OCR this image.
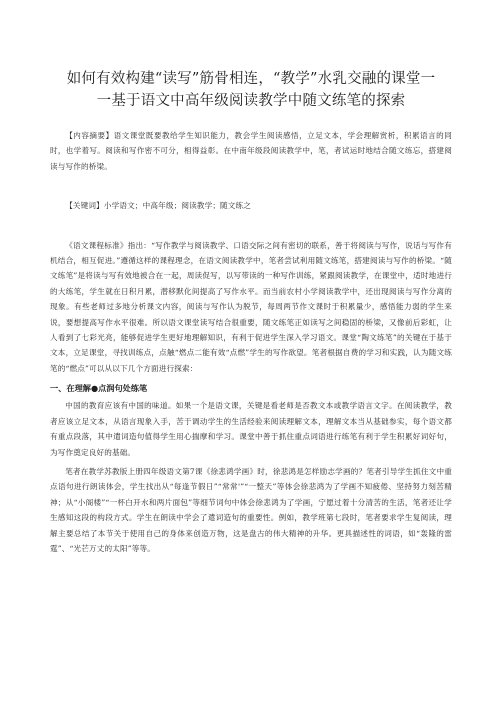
如何有效构建“读写”筋骨相连，“教学”水乳交融的课堂一
一基于语文中高年级阅读教学中随文练笔的探索

【内容摘要】语文课堂既要教给学生知识能力，教会学生阅读感悟，立足文本，学会理解赏析，积累语言的同时，也学着写。阅读和写作密不可分，相得益彰。在中南年级段阅读教学中，笔，者试运时地结合随文练忘，搭建阅读与写作的桥梁。

【关键词】小学语文；中高年级；阅读教学；随文练之

《语文课程标准》指出：“写作教学与阅读教学、口语交际之间有密切的联系，善于将阅读与写作，说话与写作有机结合，相互促进。”遵循这样的课程理念，在语文阅读教学中，笔者尝试利用随文练笔，搭建阅读与写作的桥梁。“随文练笔”是将读与写有效地被合在一起，周读促写，以写带读的一种写作训练，紧跟阅读教学，在课堂中，适时地进行的大练笔，学生就在日积月累，潜移默化间提高了写作水平。而当前农村小学阅读教学中，还出现阅读与写作分离的现象。有些老师过多地分析课文内容，阅读与写作认为脱节，每周两节作文课时于积累量少，感悟能力弱的学生来说，要想提高写作水平很难。所以语文课堂读写结合很重要，随文练笔正如读写之间稳固的桥梁，又像前后彩虹，让人看到了七彩光亮，能够促进学生更好地理解知识，有利于促进学生深入学习语文。课堂“陶文练笔”的关键在于基于文本，立足课堂，寻找训练点，点触“燃点二能有效“点燃”学生的写作欲望。笔者根据自费的学习和实践，认为随文练笔的“燃点”可以从以下几个方面进行探索：

一、在理解●点润句处练笔

中国的教育应该有中国的味道。如果一个是语文课，关键是看老师是否教文本或教学语言文字。在阅读教学，教者应该立足文本，从语言现象入手，苦于调动学生的生活经验来阅读理解文本，理解文本当从基础参实，每个语文都有重点段落，其中遣词造句值得学生用心揣摩和学习。课堂中善于抓住重点词语进行练笔有利于学生积累好词好句，为写作奠定良好的基础。

笔者在教学苏教版上册四年级语文第7课《徐悲鸿学画》时，徐悲鸿是怎样励志学画的？笔者引导学生抓住文中重点语句进行朗读体会，学生找出从“每逢节假日”“常常'”“一整天”等体会徐悲鸿为了学画不知疲倦、坚持努力刻苦精神；从“小阁楼”“一杯白开水和两片面包”等细节词句中体会徐悲鸿为了学画，宁愿过着十分清苦的生活，笔者还让学生感知这段的构段方式。学生在朗读中学会了遣词造句的重要性。例如，教学班第七段时，笔者要求学生复阅读，理解主要总结了本节关于使用自己的身体来创造万物，这是盘古的伟大精神的升华。更具描述性的词语，如“轰隆的雷霆”、“光芒万丈的太阳”等等。
